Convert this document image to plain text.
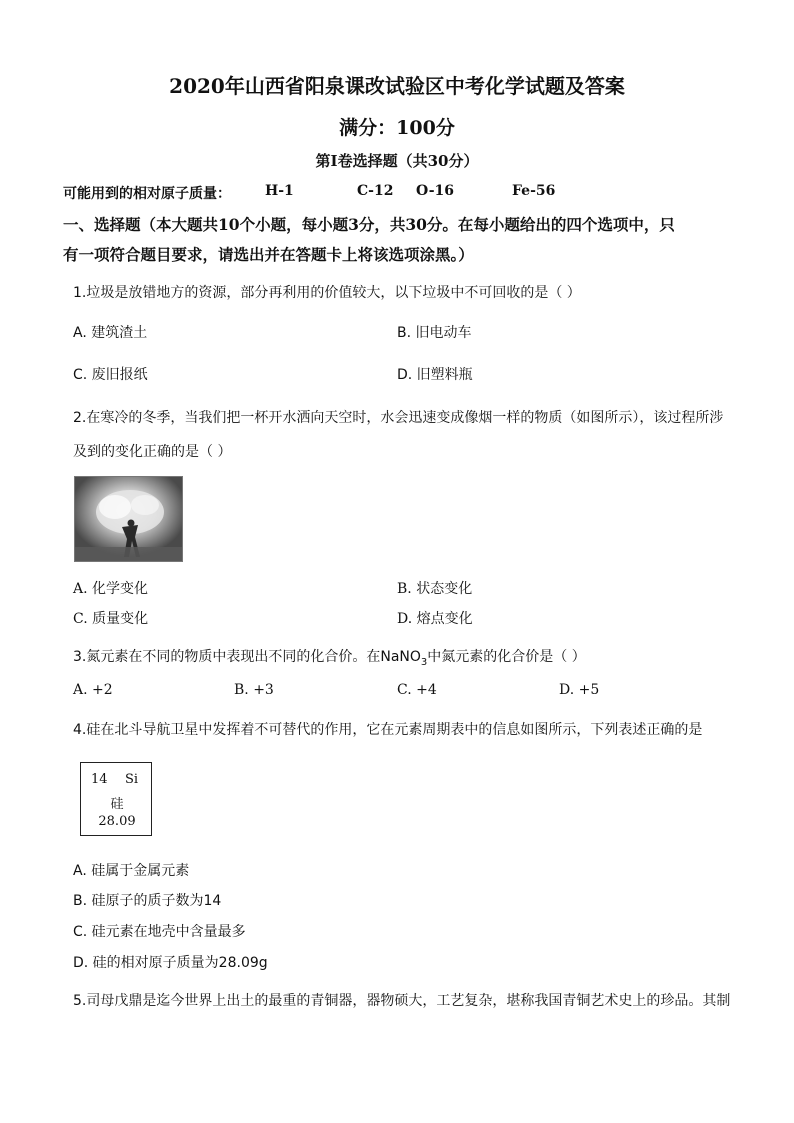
2020年山西省阳泉课改试验区中考化学试题及答案
满分：100分
第Ⅰ卷选择题（共30分）
可能用到的相对原子质量： H-1	C-12 O-16	Fe-56
一、选择题（本大题共10个小题，每小题3分，共30分。在每小题给出的四个选项中，只
有一项符合题目要求，请选出并在答题卡上将该选项涂黑。）
1.垃圾是放错地方的资源，部分再利用的价值较大，以下垃圾中不可回收的是（ ）
A. 建筑渣土	B. 旧电动车
C. 废旧报纸	D. 旧塑料瓶
2.在寒冷的冬季，当我们把一杯开水洒向天空时，水会迅速变成像烟一样的物质（如图所示），该过程所涉
及到的变化正确的是（ ）
A. 化学变化	B. 状态变化
C. 质量变化	D. 熔点变化
3.氮元素在不同的物质中表现出不同的化合价。在NaNO$_3$中氮元素的化合价是（ ）
A. +2	B. +3	C. +4	D. +5
4.硅在北斗导航卫星中发挥着不可替代的作用，它在元素周期表中的信息如图所示，下列表述正确的是
14 Si
硅
28.09
A. 硅属于金属元素
B. 硅原子的质子数为14
C. 硅元素在地壳中含量最多
D. 硅的相对原子质量为28.09g
5.司母戊鼎是迄今世界上出土的最重的青铜器，器物硕大，工艺复杂，堪称我国青铜艺术史上的珍品。其制
